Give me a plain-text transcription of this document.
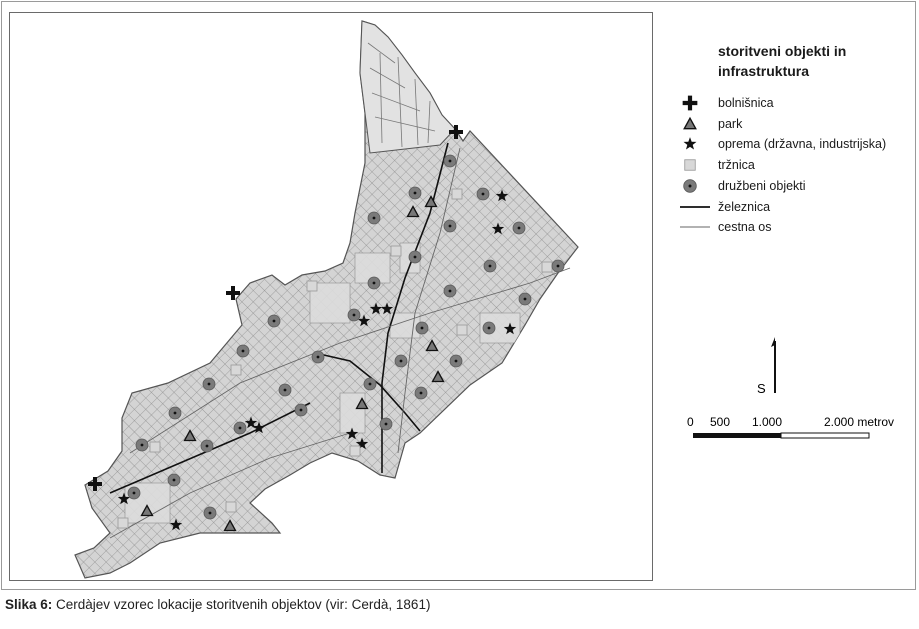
storitveni objekti in infrastruktura
bolnišnica
park
oprema (državna, industrijska)
tržnica
družbeni objekti
železnica
cestna os
S
0 500 1.000	2.000 metrov
Slika 6: Cerdàjev vzorec lokacije storitvenih objektov (vir: Cerdà, 1861)
